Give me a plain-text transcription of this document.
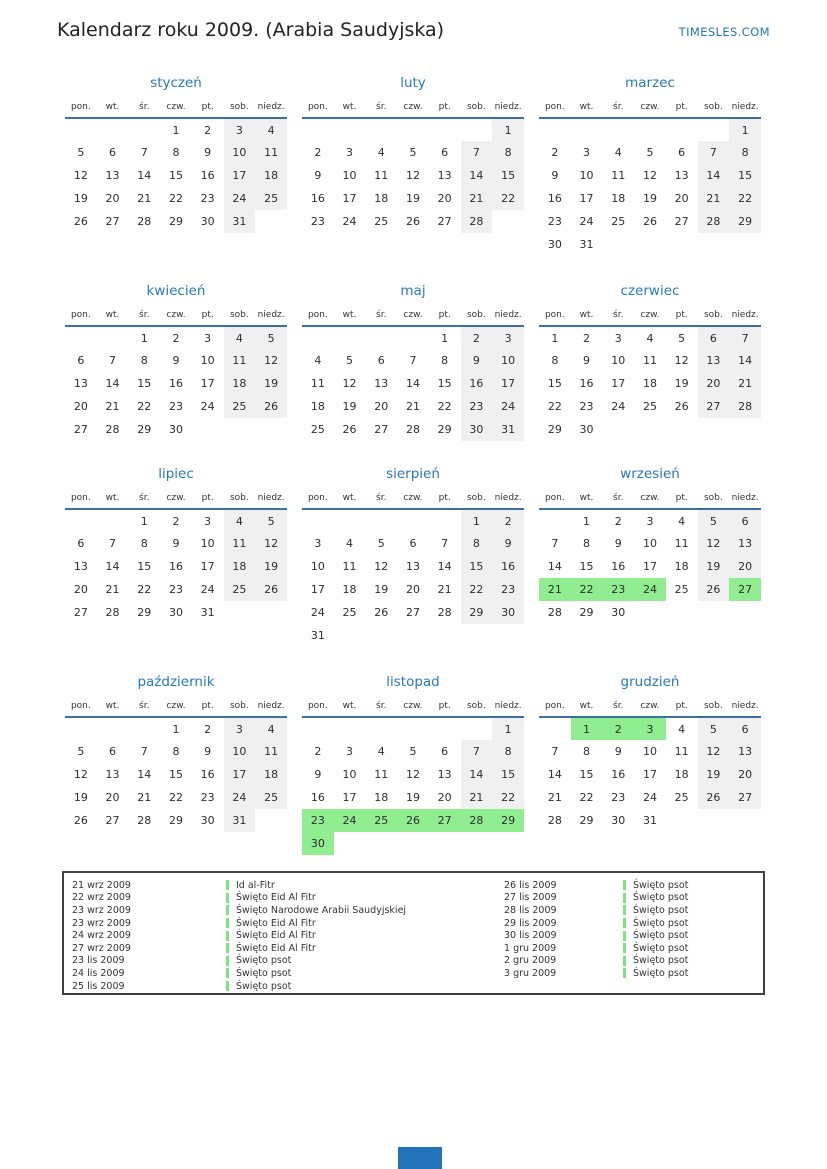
Kalendarz roku 2009. (Arabia Saudyjska)	TIMESLES.COM
styczeń
pon.	wt.	śr.	czw.	pt.	sob.	niedz.
			1	2	3	4
5	6	7	8	9	10	11
12	13	14	15	16	17	18
19	20	21	22	23	24	25
26	27	28	29	30	31	
luty
pon.	wt.	śr.	czw.	pt.	sob.	niedz.
						1
2	3	4	5	6	7	8
9	10	11	12	13	14	15
16	17	18	19	20	21	22
23	24	25	26	27	28	
marzec
pon.	wt.	śr.	czw.	pt.	sob.	niedz.
						1
2	3	4	5	6	7	8
9	10	11	12	13	14	15
16	17	18	19	20	21	22
23	24	25	26	27	28	29
30	31					
kwiecień
pon.	wt.	śr.	czw.	pt.	sob.	niedz.
		1	2	3	4	5
6	7	8	9	10	11	12
13	14	15	16	17	18	19
20	21	22	23	24	25	26
27	28	29	30			
maj
pon.	wt.	śr.	czw.	pt.	sob.	niedz.
				1	2	3
4	5	6	7	8	9	10
11	12	13	14	15	16	17
18	19	20	21	22	23	24
25	26	27	28	29	30	31
czerwiec
pon.	wt.	śr.	czw.	pt.	sob.	niedz.
1	2	3	4	5	6	7
8	9	10	11	12	13	14
15	16	17	18	19	20	21
22	23	24	25	26	27	28
29	30					
lipiec
pon.	wt.	śr.	czw.	pt.	sob.	niedz.
		1	2	3	4	5
6	7	8	9	10	11	12
13	14	15	16	17	18	19
20	21	22	23	24	25	26
27	28	29	30	31		
sierpień
pon.	wt.	śr.	czw.	pt.	sob.	niedz.
					1	2
3	4	5	6	7	8	9
10	11	12	13	14	15	16
17	18	19	20	21	22	23
24	25	26	27	28	29	30
31						
wrzesień
pon.	wt.	śr.	czw.	pt.	sob.	niedz.
	1	2	3	4	5	6
7	8	9	10	11	12	13
14	15	16	17	18	19	20
21	22	23	24	25	26	27
28	29	30				
październik
pon.	wt.	śr.	czw.	pt.	sob.	niedz.
			1	2	3	4
5	6	7	8	9	10	11
12	13	14	15	16	17	18
19	20	21	22	23	24	25
26	27	28	29	30	31	
listopad
pon.	wt.	śr.	czw.	pt.	sob.	niedz.
						1
2	3	4	5	6	7	8
9	10	11	12	13	14	15
16	17	18	19	20	21	22
23	24	25	26	27	28	29
30						
grudzień
pon.	wt.	śr.	czw.	pt.	sob.	niedz.
	1	2	3	4	5	6
7	8	9	10	11	12	13
14	15	16	17	18	19	20
21	22	23	24	25	26	27
28	29	30	31			
21 wrz 2009	Id al-Fitr
22 wrz 2009	Święto Eid Al Fitr
23 wrz 2009	Święto Narodowe Arabii Saudyjskiej
23 wrz 2009	Święto Eid Al Fitr
24 wrz 2009	Święto Eid Al Fitr
27 wrz 2009	Święto Eid Al Fitr
23 lis 2009	Święto psot
24 lis 2009	Święto psot
25 lis 2009	Święto psot
26 lis 2009	Święto psot
27 lis 2009	Święto psot
28 lis 2009	Święto psot
29 lis 2009	Święto psot
30 lis 2009	Święto psot
1 gru 2009	Święto psot
2 gru 2009	Święto psot
3 gru 2009	Święto psot
